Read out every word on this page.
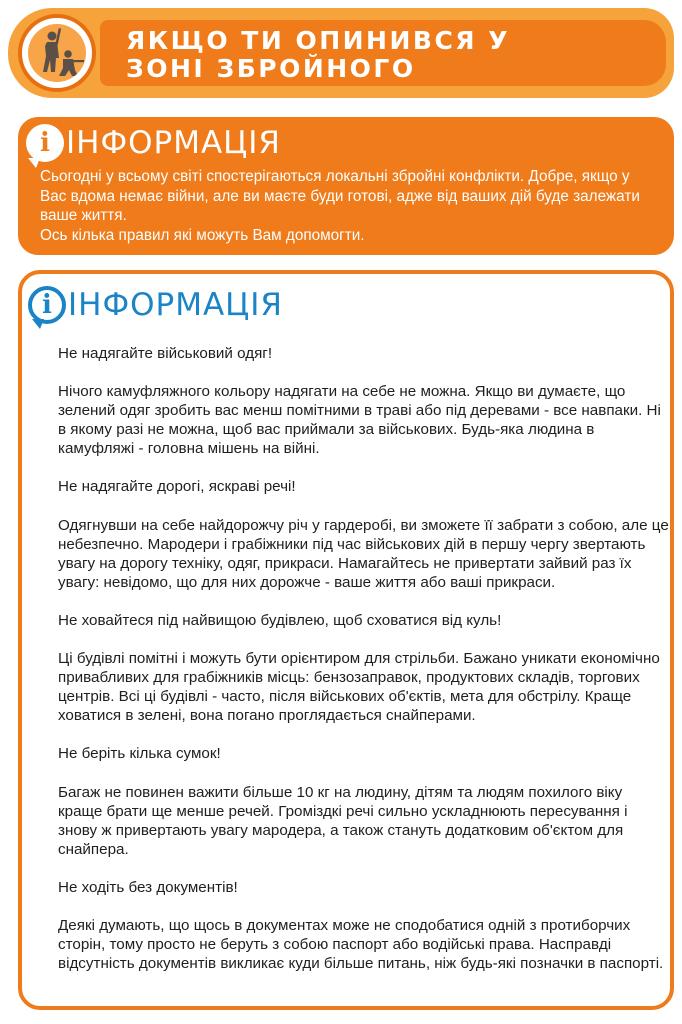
ЯКЩО ТИ ОПИНИВСЯ У
ЗОНІ ЗБРОЙНОГО
i ІНФОРМАЦІЯ

Сьогодні у всьому світі спостерігаються локальні збройні конфлікти. Добре, якщо у Вас вдома немає війни, але ви маєте буди готові, адже від ваших дій буде залежати ваше життя.

Ось кілька правил які можуть Вам допомогти.

i ІНФОРМАЦІЯ

Не надягайте військовий одяг!

Нічого камуфляжного кольору надягати на себе не можна. Якщо ви думаєте, що зелений одяг зробить вас менш помітними в траві або під деревами - все навпаки. Ні в якому разі не можна, щоб вас приймали за військових. Будь-яка людина в камуфляжі - головна мішень на війні.

Не надягайте дорогі, яскраві речі!

Одягнувши на себе найдорожчу річ у гардеробі, ви зможете її забрати з собою, але це небезпечно. Мародери і грабіжники під час військових дій в першу чергу звертають увагу на дорогу техніку, одяг, прикраси. Намагайтесь не привертати зайвий раз їх увагу: невідомо, що для них дорожче - ваше життя або ваші прикраси.

Не ховайтеся під найвищою будівлею, щоб сховатися від куль!

Ці будівлі помітні і можуть бути орієнтиром для стрільби. Бажано уникати економічно привабливих для грабіжників місць: бензозаправок, продуктових складів, торгових центрів. Всі ці будівлі - часто, після військових об'єктів, мета для обстрілу. Краще ховатися в зелені, вона погано проглядається снайперами.

Не беріть кілька сумок!

Багаж не повинен важити більше 10 кг на людину, дітям та людям похилого віку краще брати ще менше речей. Громіздкі речі сильно ускладнюють пересування і знову ж привертають увагу мародера, а також стануть додатковим об'єктом для снайпера.

Не ходіть без документів!

Деякі думають, що щось в документах може не сподобатися одній з протиборчих сторін, тому просто не беруть з собою паспорт або водійські права. Насправді відсутність документів викликає куди більше питань, ніж будь-які позначки в паспорті.
